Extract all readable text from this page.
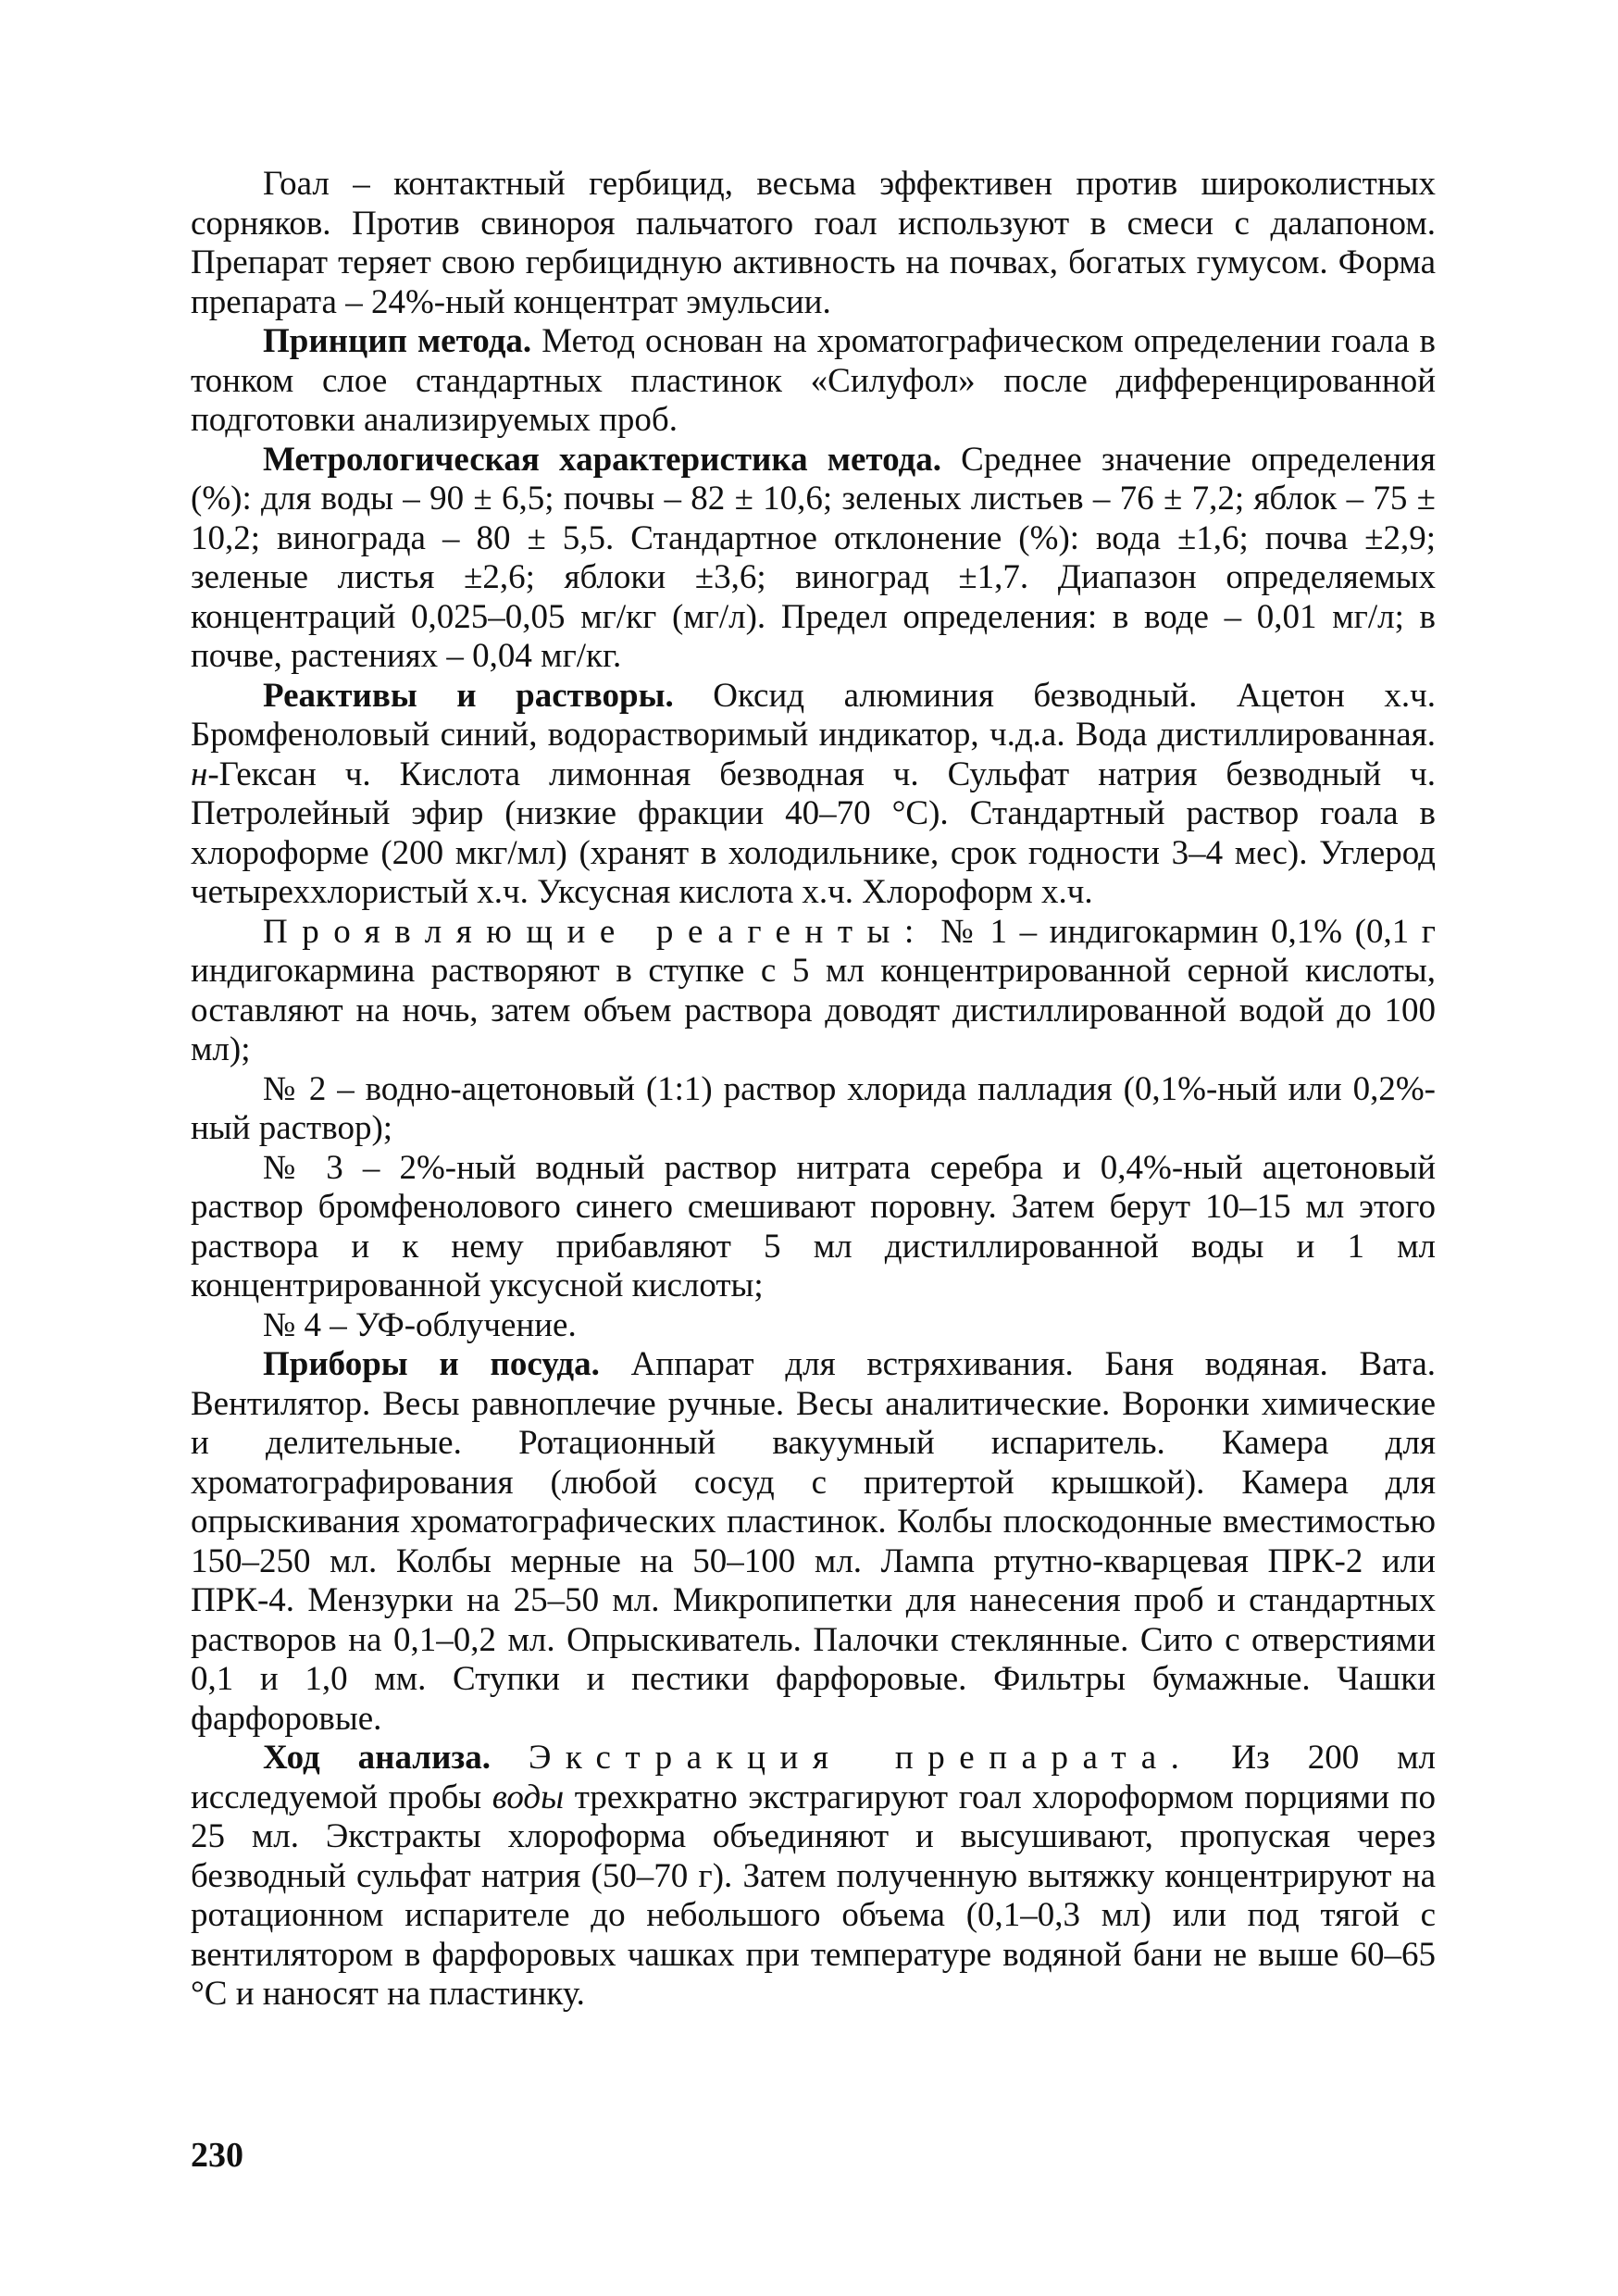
Гоал – контактный гербицид, весьма эффективен против широколистных сорняков. Против свинороя пальчатого гоал используют в смеси с далапоном. Препарат теряет свою гербицидную активность на почвах, богатых гумусом. Форма препарата – 24%-ный концентрат эмульсии.

Принцип метода. Метод основан на хроматографическом определении гоала в тонком слое стандартных пластинок «Силуфол» после дифференцированной подготовки анализируемых проб.

Метрологическая характеристика метода. Среднее значение определения (%): для воды – 90 ± 6,5; почвы – 82 ± 10,6; зеленых листьев – 76 ± 7,2; яблок – 75 ± 10,2; винограда – 80 ± 5,5. Стандартное отклонение (%): вода ±1,6; почва ±2,9; зеленые листья ±2,6; яблоки ±3,6; виноград ±1,7. Диапазон определяемых концентраций 0,025–0,05 мг/кг (мг/л). Предел определения: в воде – 0,01 мг/л; в почве, растениях – 0,04 мг/кг.

Реактивы и растворы. Оксид алюминия безводный. Ацетон х.ч. Бромфеноловый синий, водорастворимый индикатор, ч.д.а. Вода дистиллированная. н-Гексан ч. Кислота лимонная безводная ч. Сульфат натрия безводный ч. Петролейный эфир (низкие фракции 40–70 °С). Стандартный раствор гоала в хлороформе (200 мкг/мл) (хранят в холодильнике, срок годности 3–4 мес). Углерод четыреххлористый х.ч. Уксусная кислота х.ч. Хлороформ х.ч.

Проявляющие реагенты: № 1 – индигокармин 0,1% (0,1 г индигокармина растворяют в ступке с 5 мл концентрированной серной кислоты, оставляют на ночь, затем объем раствора доводят дистиллированной водой до 100 мл);

№ 2 – водно-ацетоновый (1:1) раствор хлорида палладия (0,1%-ный или 0,2%-ный раствор);

№ 3 – 2%-ный водный раствор нитрата серебра и 0,4%-ный ацетоновый раствор бромфенолового синего смешивают поровну. Затем берут 10–15 мл этого раствора и к нему прибавляют 5 мл дистиллированной воды и 1 мл концентрированной уксусной кислоты;

№ 4 – УФ-облучение.

Приборы и посуда. Аппарат для встряхивания. Баня водяная. Вата. Вентилятор. Весы равноплечие ручные. Весы аналитические. Воронки химические и делительные. Ротационный вакуумный испаритель. Камера для хроматографирования (любой сосуд с притертой крышкой). Камера для опрыскивания хроматографических пластинок. Колбы плоскодонные вместимостью 150–250 мл. Колбы мерные на 50–100 мл. Лампа ртутно-кварцевая ПРК-2 или ПРК-4. Мензурки на 25–50 мл. Микропипетки для нанесения проб и стандартных растворов на 0,1–0,2 мл. Опрыскиватель. Палочки стеклянные. Сито с отверстиями 0,1 и 1,0 мм. Ступки и пестики фарфоровые. Фильтры бумажные. Чашки фарфоровые.

Ход анализа. Экстракция препарата. Из 200 мл исследуемой пробы воды трехкратно экстрагируют гоал хлороформом порциями по 25 мл. Экстракты хлороформа объединяют и высушивают, пропуская через безводный сульфат натрия (50–70 г). Затем полученную вытяжку концентрируют на ротационном испарителе до небольшого объема (0,1–0,3 мл) или под тягой с вентилятором в фарфоровых чашках при температуре водяной бани не выше 60–65 °С и наносят на пластинку.

230
